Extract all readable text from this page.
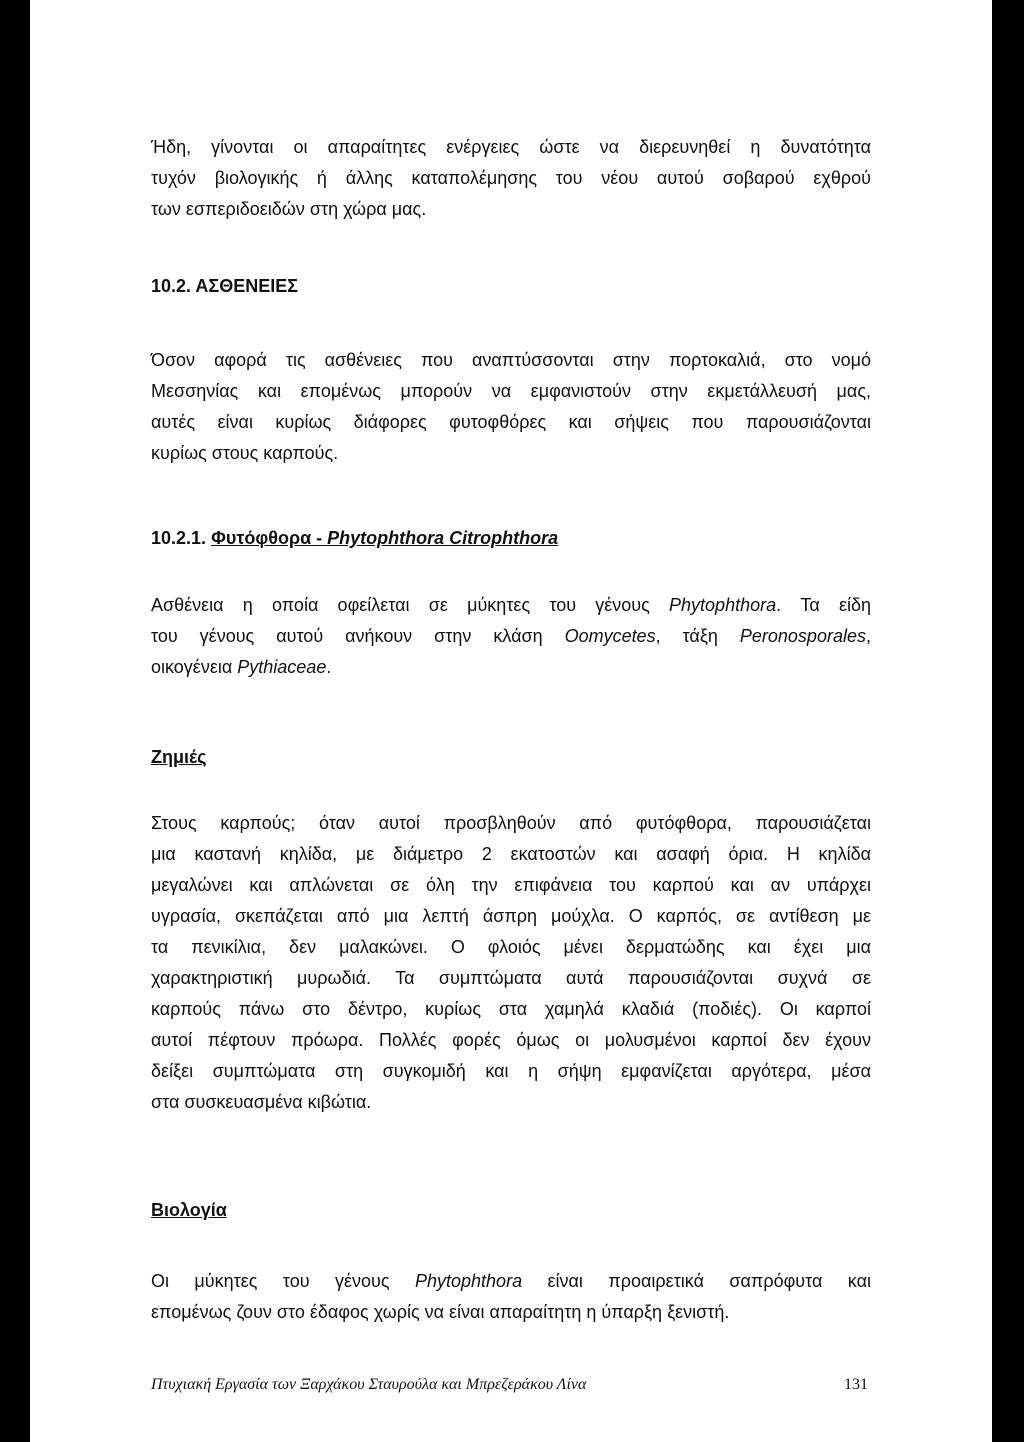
Ήδη, γίνονται οι απαραίτητες ενέργειες ώστε να διερευνηθεί η δυνατότητα
τυχόν βιολογικής ή άλλης καταπολέμησης του νέου αυτού σοβαρού εχθρού
των εσπεριδοειδών στη χώρα μας.
10.2. ΑΣΘΕΝΕΙΕΣ
Όσον αφορά τις ασθένειες που αναπτύσσονται στην πορτοκαλιά, στο νομό
Μεσσηνίας και επομένως μπορούν να εμφανιστούν στην εκμετάλλευσή μας,
αυτές είναι κυρίως διάφορες φυτοφθόρες και σήψεις που παρουσιάζονται
κυρίως στους καρπούς.
10.2.1. Φυτόφθορα - Phytophthora Citrophthora
Ασθένεια η οποία οφείλεται σε μύκητες του γένους Phytophthora. Τα είδη
του γένους αυτού ανήκουν στην κλάση Oomycetes, τάξη Peronosporales,
οικογένεια Pythiaceae.
Ζημιές
Στους καρπούς; όταν αυτοί προσβληθούν από φυτόφθορα, παρουσιάζεται
μια καστανή κηλίδα, με διάμετρο 2 εκατοστών και ασαφή όρια. Η κηλίδα
μεγαλώνει και απλώνεται σε όλη την επιφάνεια του καρπού και αν υπάρχει
υγρασία, σκεπάζεται από μια λεπτή άσπρη μούχλα. Ο καρπός, σε αντίθεση με
τα πενικίλια, δεν μαλακώνει. Ο φλοιός μένει δερματώδης και έχει μια
χαρακτηριστική μυρωδιά. Τα συμπτώματα αυτά παρουσιάζονται συχνά σε
καρπούς πάνω στο δέντρο, κυρίως στα χαμηλά κλαδιά (ποδιές). Οι καρποί
αυτοί πέφτουν πρόωρα. Πολλές φορές όμως οι μολυσμένοι καρποί δεν έχουν
δείξει συμπτώματα στη συγκομιδή και η σήψη εμφανίζεται αργότερα, μέσα
στα συσκευασμένα κιβώτια.
Βιολογία
Οι μύκητες του γένους Phytophthora είναι προαιρετικά σαπρόφυτα και
επομένως ζουν στο έδαφος χωρίς να είναι απαραίτητη η ύπαρξη ξενιστή.
Πτυχιακή Εργασία των Ξαρχάκου Σταυρούλα και Μπρεζεράκου Λίνα	131
